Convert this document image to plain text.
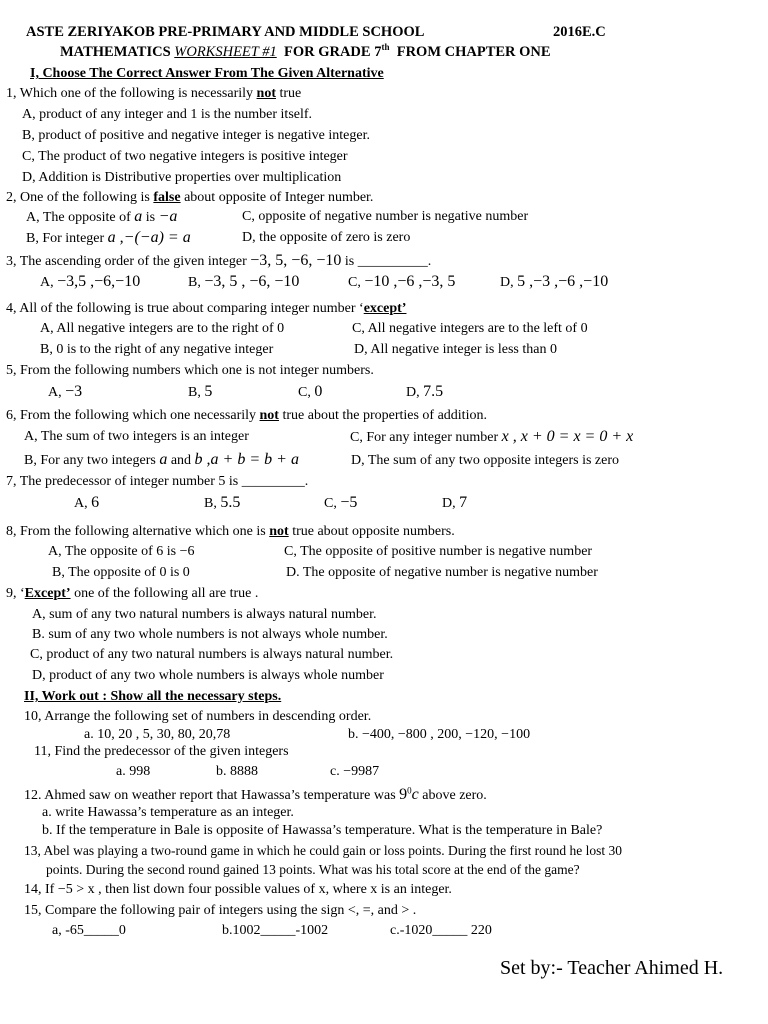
ASTE ZERIYAKOB PRE-PRIMARY AND MIDDLE SCHOOL	2016E.C
MATHEMATICS WORKSHEET #1 FOR GRADE 7th FROM CHAPTER ONE
I, Choose The Correct Answer From The Given Alternative
1, Which one of the following is necessarily not true
A, product of any integer and 1 is the number itself.
B, product of positive and negative integer is negative integer.
C, The product of two negative integers is positive integer
D, Addition is Distributive properties over multiplication
2, One of the following is false about opposite of Integer number.
A, The opposite of a is −a	C, opposite of negative number is negative number
B, For integer a ,−(−a) = a	D, the opposite of zero is zero
3, The ascending order of the given integer −3, 5, −6, −10 is __________.
A, −3,5 ,−6,−10	B, −3, 5 , −6, −10	C, −10 ,−6 ,−3, 5	D, 5 ,−3 ,−6 ,−10
4, All of the following is true about comparing integer number ‘except’
A, All negative integers are to the right of 0	C, All negative integers are to the left of 0
B, 0 is to the right of any negative integer	D, All negative integer is less than 0
5, From the following numbers which one is not integer numbers.
A, −3	B, 5	C, 0	D, 7.5
6, From the following which one necessarily not true about the properties of addition.
A, The sum of two integers is an integer	C, For any integer number x , x + 0 = x = 0 + x
B, For any two integers a and b ,a + b = b + a	D, The sum of any two opposite integers is zero
7, The predecessor of integer number 5 is _________.
A, 6	B, 5.5	C, −5	D, 7
8, From the following alternative which one is not true about opposite numbers.
A, The opposite of 6 is −6	C, The opposite of positive number is negative number
B, The opposite of 0 is 0	D. The opposite of negative number is negative number
9, ‘Except’ one of the following all are true .
A, sum of any two natural numbers is always natural number.
B. sum of any two whole numbers is not always whole number.
C, product of any two natural numbers is always natural number.
D, product of any two whole numbers is always whole number
II, Work out : Show all the necessary steps.
10, Arrange the following set of numbers in descending order.
a. 10, 20 , 5, 30, 80, 20,78	b. −400, −800 , 200, −120, −100
11, Find the predecessor of the given integers
a. 998	b. 8888	c. −9987
12. Ahmed saw on weather report that Hawassa’s temperature was $9^0c$ above zero.
a. write Hawassa’s temperature as an integer.
b. If the temperature in Bale is opposite of Hawassa’s temperature. What is the temperature in Bale?
13, Abel was playing a two-round game in which he could gain or loss points. During the first round he lost 30
points. During the second round gained 13 points. What was his total score at the end of the game?
14, If −5 > x , then list down four possible values of x, where x is an integer.
15, Compare the following pair of integers using the sign <, =, and > .
a, -65_____0	b.1002_____-1002	c.-1020_____ 220
Set by:- Teacher Ahimed H.
